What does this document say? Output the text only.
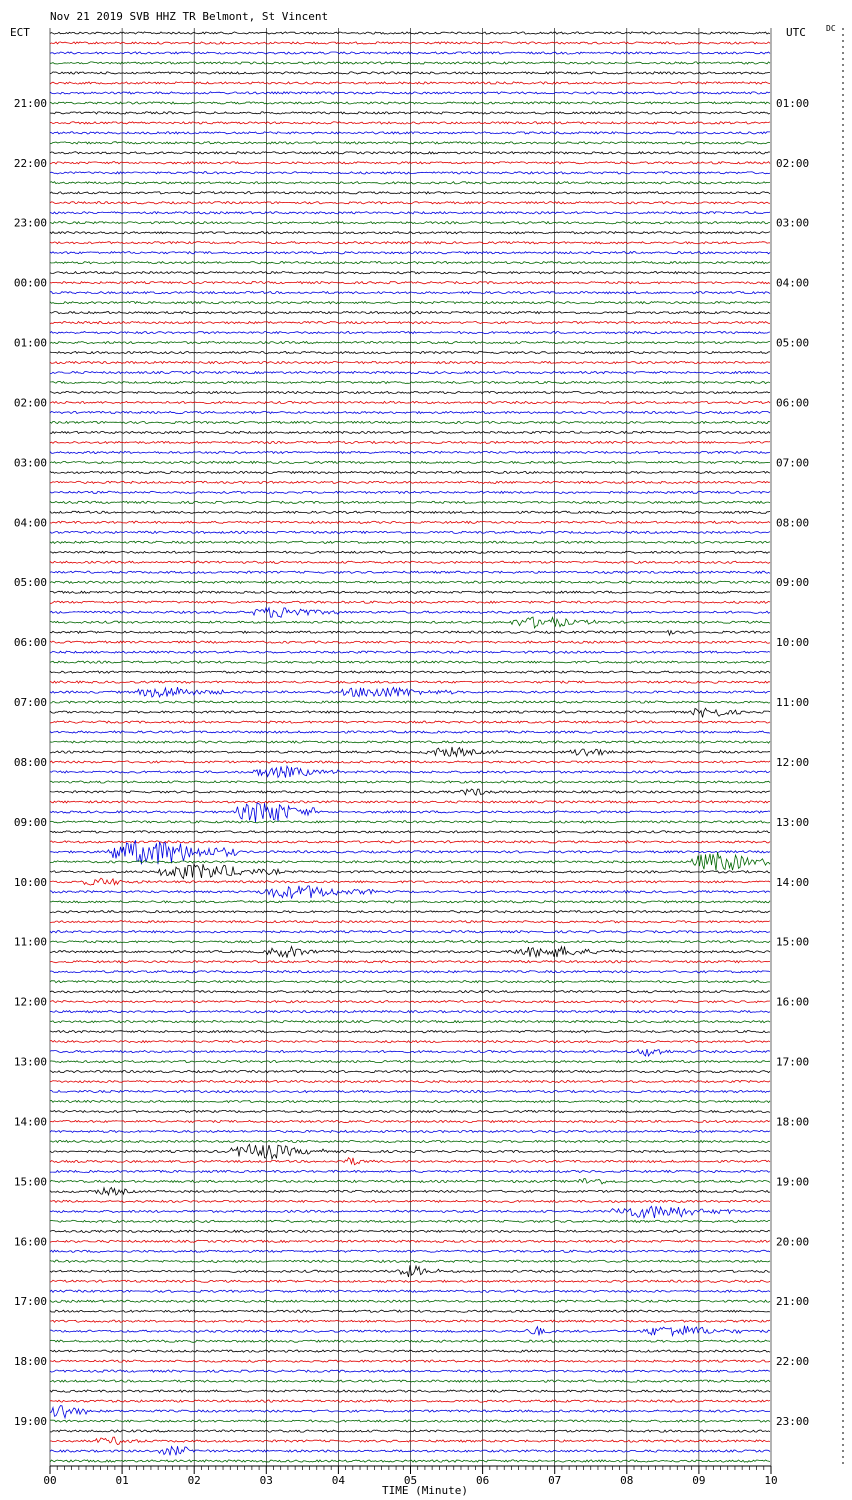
Nov 21 2019 SVB HHZ TR Belmont, St Vincent
ECT	UTC	DC
21:00
22:00
23:00
00:00
01:00
02:00
03:00
04:00
05:00
06:00
07:00
08:00
09:00
10:00
11:00
12:00
13:00
14:00
15:00
16:00
17:00
18:00
19:00
01:00
02:00
03:00
04:00
05:00
06:00
07:00
08:00
09:00
10:00
11:00
12:00
13:00
14:00
15:00
16:00
17:00
18:00
19:00
20:00
21:00
22:00
23:00
00	01	02	03	04	05	06	07	08	09	10
TIME (Minute)
